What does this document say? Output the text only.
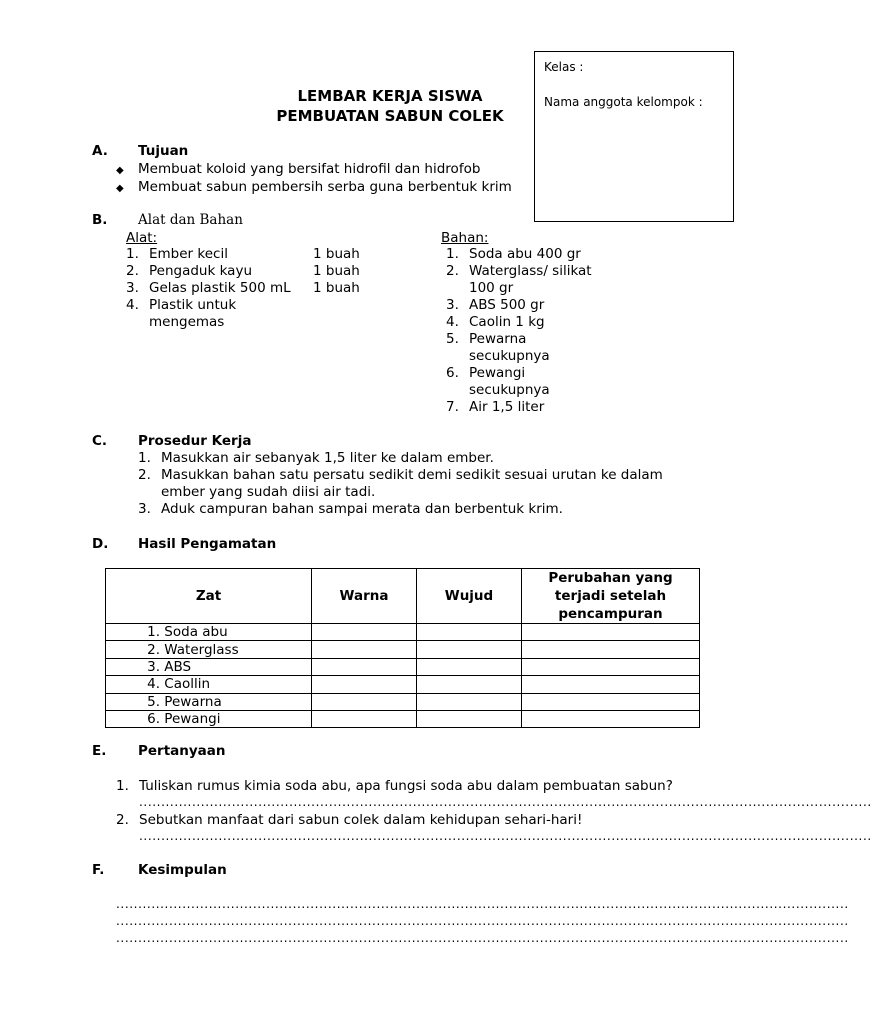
Kelas :
Nama anggota kelompok :
LEMBAR KERJA SISWA
PEMBUATAN SABUN COLEK
A. Tujuan
◆ Membuat koloid yang bersifat hidrofil dan hidrofob
◆ Membuat sabun pembersih serba guna berbentuk krim
B. Alat dan Bahan
Alat:
1. Ember kecil	1 buah
2. Pengaduk kayu	1 buah
3. Gelas plastik 500 mL 1 buah
4. Plastik untuk
mengemas
Bahan:
1. Soda abu 400 gr
2. Waterglass/ silikat
100 gr
3. ABS 500 gr
4. Caolin 1 kg
5. Pewarna
secukupnya
6. Pewangi
secukupnya
7. Air 1,5 liter
C. Prosedur Kerja
1. Masukkan air sebanyak 1,5 liter ke dalam ember.
2. Masukkan bahan satu persatu sedikit demi sedikit sesuai urutan ke dalam
ember yang sudah diisi air tadi.
3. Aduk campuran bahan sampai merata dan berbentuk krim.
D. Hasil Pengamatan
Zat	Warna	Wujud	Perubahan yang
terjadi setelah
pencampuran

1. Soda abu			
2. Waterglass			
3. ABS			
4. Caollin			
5. Pewarna			
6. Pewangi			
E. Pertanyaan
1. Tuliskan rumus kimia soda abu, apa fungsi soda abu dalam pembuatan sabun?
......................................................................................................................................................................
2. Sebutkan manfaat dari sabun colek dalam kehidupan sehari-hari!
......................................................................................................................................................................
F. Kesimpulan
......................................................................................................................................................................
......................................................................................................................................................................
......................................................................................................................................................................
